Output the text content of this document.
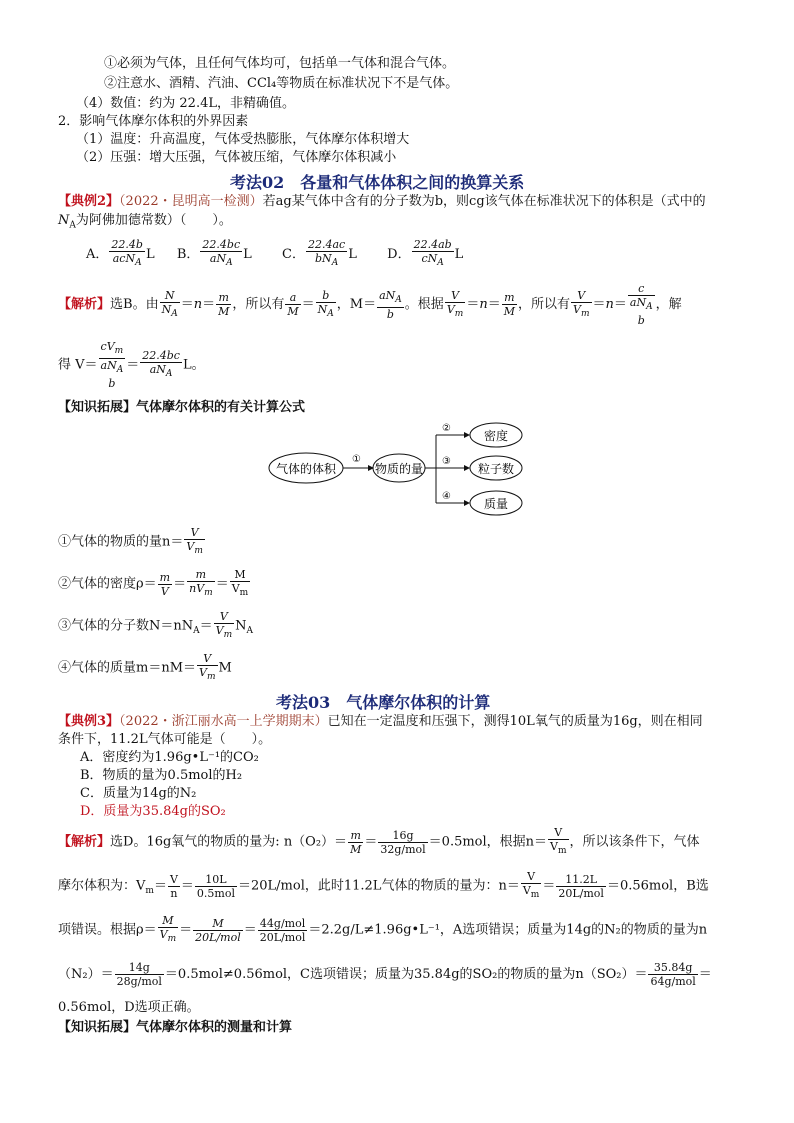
①必须为气体，且任何气体均可，包括单一气体和混合气体。
②注意水、酒精、汽油、CCl₄等物质在标准状况下不是气体。
（4）数值：约为 22.4L，非精确值。
2．影响气体摩尔体积的外界因素
（1）温度：升高温度，气体受热膨胀，气体摩尔体积增大
（2）压强：增大压强，气体被压缩，气体摩尔体积减小
考法02　各量和气体体积之间的换算关系
【典例2】（2022・昆明高一检测）若ag某气体中含有的分子数为b，则cg该气体在标准状况下的体积是（式中的
$N_A$为阿佛加德常数）（　　）。
A． $\frac{22.4b}{acN_A}$ L B． $\frac{22.4bc}{aN_A}$ L C． $\frac{22.4ac}{bN_A}$ L D． $\frac{22.4ab}{cN_A}$ L
【解析】选B。由 $\frac{N}{N_A} =n= \frac{m}{M}$ ，所以有 $\frac{a}{M} = \frac{b}{N_A}$ ，$M= \frac{aN_A}{b}$ 。根据 $\frac{V}{V_m} =n= \frac{m}{M}$ ，所以有 $\frac{V}{V_m} =n=$
c
$aN_A$
b
，解
得 V＝
$cV_m$
$aN_A$
b
＝ $\frac{22.4bc}{aN_A}$ L。
【知识拓展】气体摩尔体积的有关计算公式
气体的体积
①
物质的量
②
③
④
密度
粒子数
质量
①气体的物质的量$n= \frac{V}{V_m}$
②气体的密度$\rho= \frac{m}{V} = \frac{m}{nV_m} = \frac{M}{V_m}$
③气体的分子数$N=nN_A= \frac{V}{V_m} N_A$
④气体的质量$m=nM= \frac{V}{V_m}$ M
考法03　气体摩尔体积的计算
【典例3】（2022・浙江丽水高一上学期期末）已知在一定温度和压强下，测得10L氧气的质量为16g，则在相同
条件下，11.2L气体可能是（　　）。
A．密度约为1.96g•L⁻¹的CO₂
B．物质的量为0.5mol的H₂
C．质量为14g的N₂
D．质量为35.84g的SO₂
【解析】选D。16g氧气的物质的量为: $n(O_2)= \frac{m}{M} = \frac{16g}{\text{32g/mol}} =0.5mol$，根据$n= \frac{V}{V_m}$ ，所以该条件下，气体
摩尔体积为：$V_m= \frac{V}{n} = \frac{10L}{\text{0.5mol}} =20L/mol$，此时11.2L气体的物质的量为：$n= \frac{V}{V_m} = \frac{11.2L}{\text{20L/mol}} =0.56mol$，B选
项错误。根据$\rho= \frac{M}{V_m} = \frac{M}{\text{20L/mol}} = \frac{\text{44g/mol}}{\text{20L/mol}}$ ＝2.2g/L≠1.96g•L⁻¹，A选项错误；质量为14g的N₂的物质的量为n
$(N_2)= \frac{14g}{\text{28g/mol}} =0.5mol\ne 0.56mol$，C选项错误；质量为35.84g的SO₂的物质的量为$n(SO_2)= \frac{35.84g}{\text{64g/mol}}$ ＝
0.56mol，D选项正确。
【知识拓展】气体摩尔体积的测量和计算
